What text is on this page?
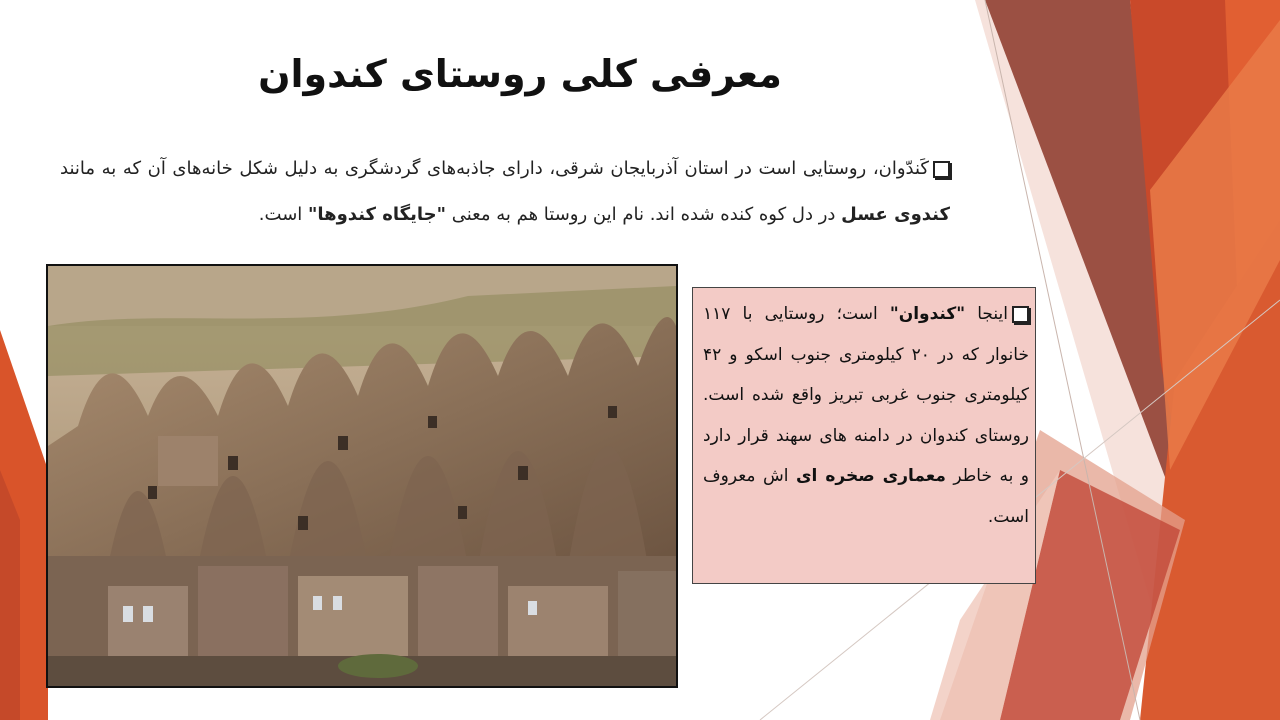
معرفی کلی روستای کندوان
کَندّوان، روستایی است در استان آذربایجان شرقی، دارای جاذبه‌های گردشگری به دلیل شکل خانه‌های آن که به مانند کندوی عسل در دل کوه کنده شده اند. نام این روستا هم به معنی "جایگاه کندوها" است.
اینجا "کندوان" است؛ روستایی با ۱۱۷ خانوار که در ۲۰ کیلومتری جنوب اسکو و ۴۲ کیلومتری جنوب غربی تبریز واقع شده است. روستای کندوان در دامنه های سهند قرار دارد و به خاطر معماری صخره ای اش معروف است.
